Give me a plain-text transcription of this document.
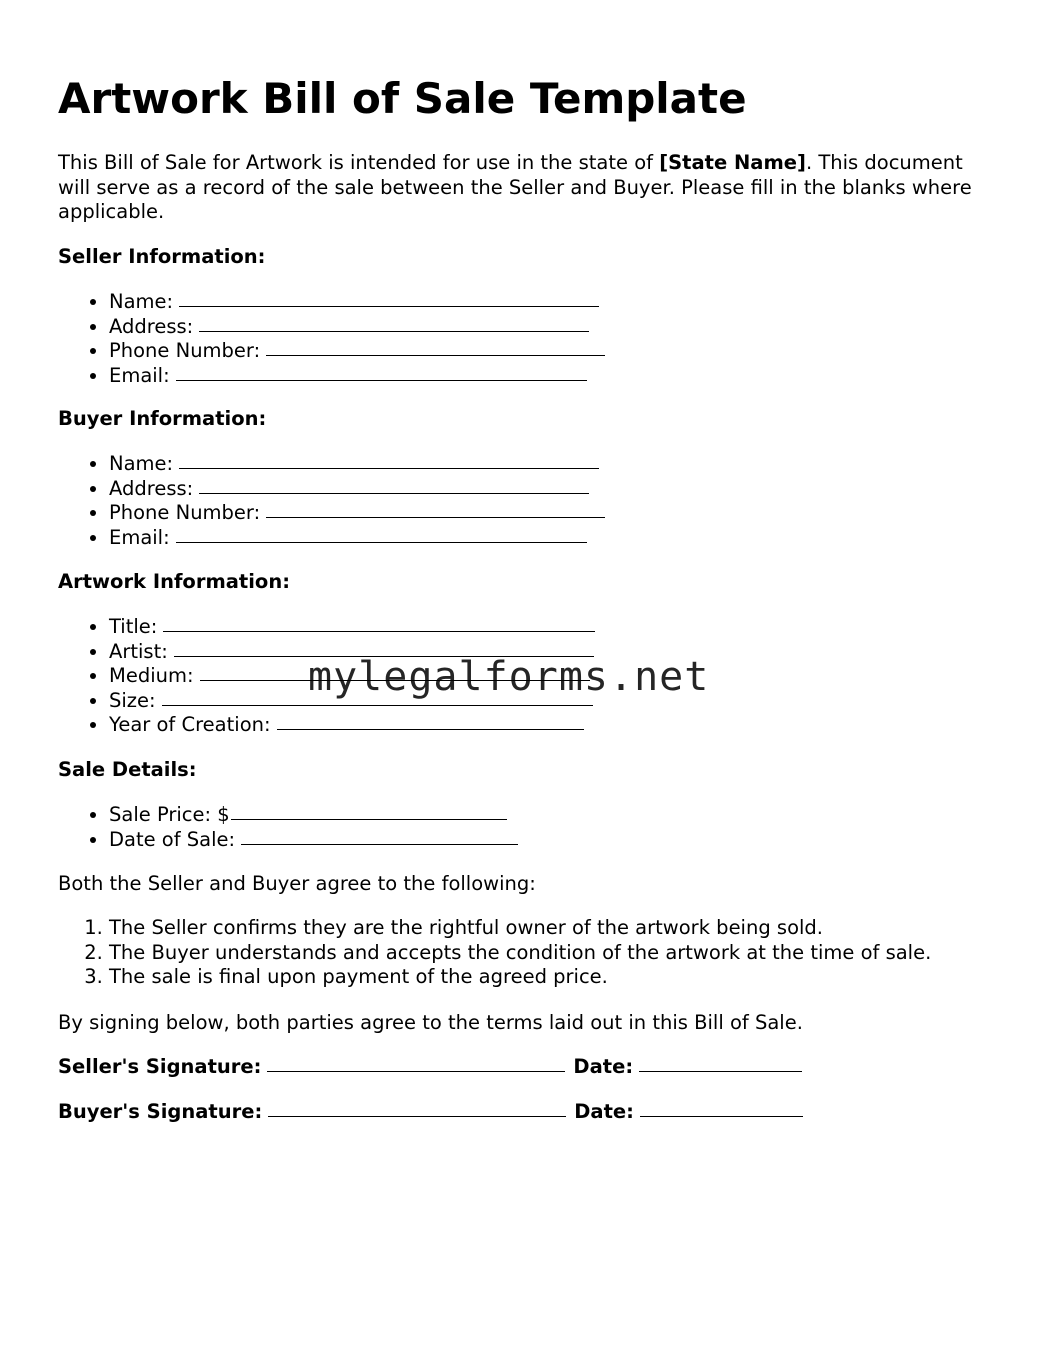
Artwork Bill of Sale Template

This Bill of Sale for Artwork is intended for use in the state of [State Name]. This document will serve as a record of the sale between the Seller and Buyer. Please fill in the blanks where applicable.

Seller Information:

• Name:
• Address:
• Phone Number:
• Email:

Buyer Information:

• Name:
• Address:
• Phone Number:
• Email:

Artwork Information:

• Title:
• Artist:
• Medium:
• Size:
• Year of Creation:

Sale Details:

• Sale Price: $
• Date of Sale:

Both the Seller and Buyer agree to the following:

1. The Seller confirms they are the rightful owner of the artwork being sold.
2. The Buyer understands and accepts the condition of the artwork at the time of sale.
3. The sale is final upon payment of the agreed price.

By signing below, both parties agree to the terms laid out in this Bill of Sale.

Seller's Signature:	Date:

Buyer's Signature:	Date:

mylegalforms.net
